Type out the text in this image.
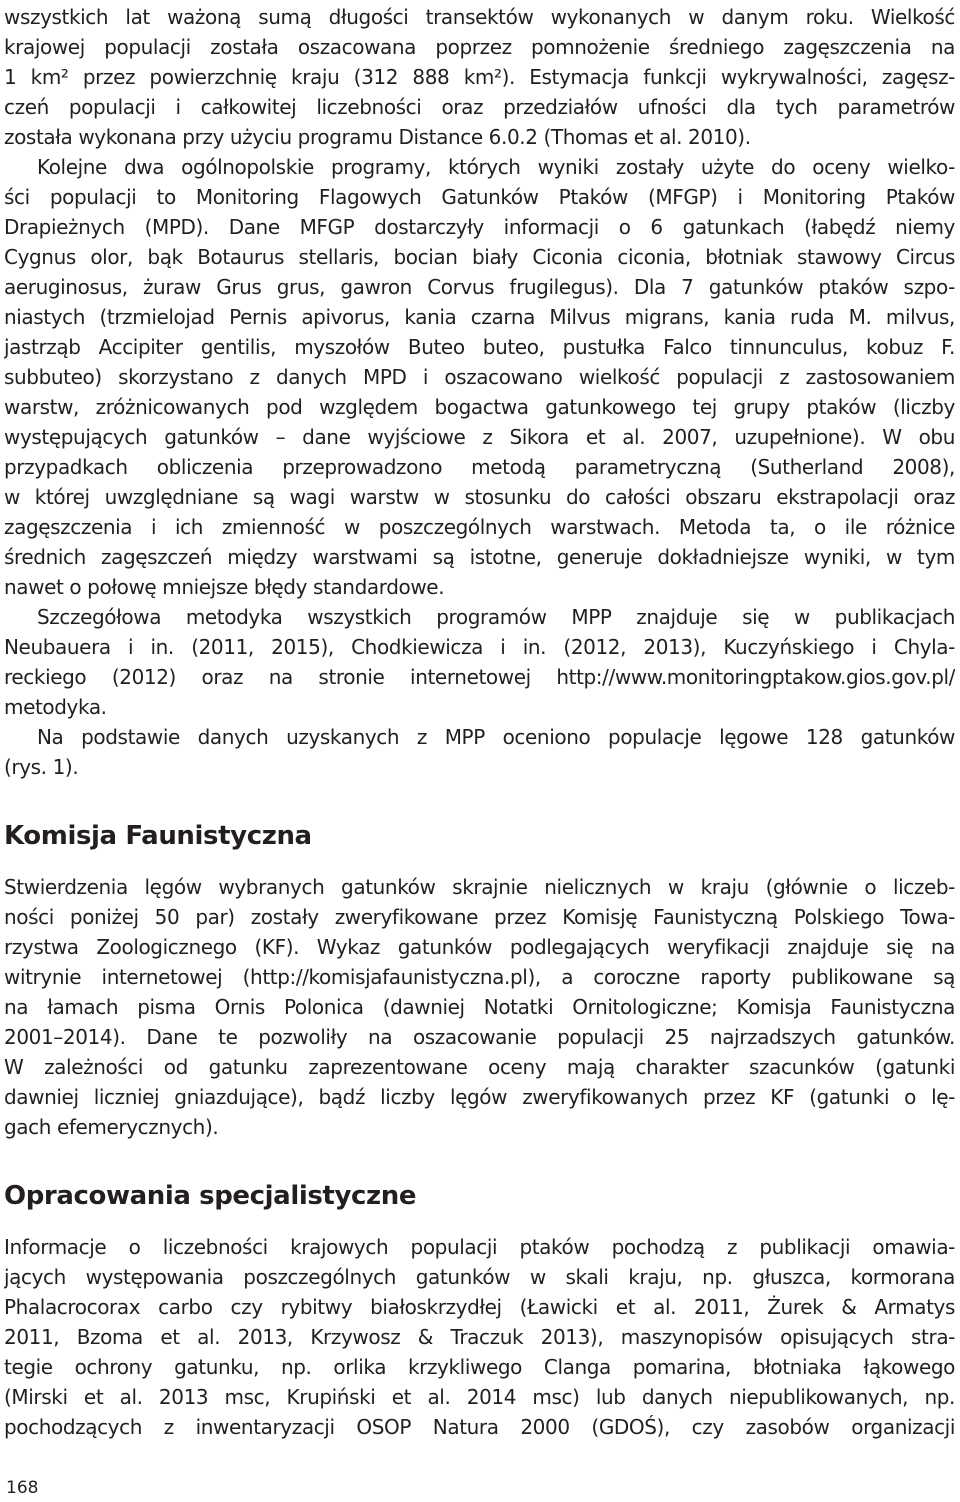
wszystkich lat ważoną sumą długości transektów wykonanych w danym roku. Wielkość
krajowej populacji została oszacowana poprzez pomnożenie średniego zagęszczenia na
1 km² przez powierzchnię kraju (312 888 km²). Estymacja funkcji wykrywalności, zagęsz-
czeń populacji i całkowitej liczebności oraz przedziałów ufności dla tych parametrów
została wykonana przy użyciu programu Distance 6.0.2 (Thomas et al. 2010).
Kolejne dwa ogólnopolskie programy, których wyniki zostały użyte do oceny wielko-
ści populacji to Monitoring Flagowych Gatunków Ptaków (MFGP) i Monitoring Ptaków
Drapieżnych (MPD). Dane MFGP dostarczyły informacji o 6 gatunkach (łabędź niemy
Cygnus olor, bąk Botaurus stellaris, bocian biały Ciconia ciconia, błotniak stawowy Circus
aeruginosus, żuraw Grus grus, gawron Corvus frugilegus). Dla 7 gatunków ptaków szpo-
niastych (trzmielojad Pernis apivorus, kania czarna Milvus migrans, kania ruda M. milvus,
jastrząb Accipiter gentilis, myszołów Buteo buteo, pustułka Falco tinnunculus, kobuz F.
subbuteo) skorzystano z danych MPD i oszacowano wielkość populacji z zastosowaniem
warstw, zróżnicowanych pod względem bogactwa gatunkowego tej grupy ptaków (liczby
występujących gatunków – dane wyjściowe z Sikora et al. 2007, uzupełnione). W obu
przypadkach obliczenia przeprowadzono metodą parametryczną (Sutherland 2008),
w której uwzględniane są wagi warstw w stosunku do całości obszaru ekstrapolacji oraz
zagęszczenia i ich zmienność w poszczególnych warstwach. Metoda ta, o ile różnice
średnich zagęszczeń między warstwami są istotne, generuje dokładniejsze wyniki, w tym
nawet o połowę mniejsze błędy standardowe.
Szczegółowa metodyka wszystkich programów MPP znajduje się w publikacjach
Neubauera i in. (2011, 2015), Chodkiewicza i in. (2012, 2013), Kuczyńskiego i Chyla-
reckiego (2012) oraz na stronie internetowej http://www.monitoringptakow.gios.gov.pl/
metodyka.
Na podstawie danych uzyskanych z MPP oceniono populacje lęgowe 128 gatunków
(rys. 1).
Komisja Faunistyczna
Stwierdzenia lęgów wybranych gatunków skrajnie nielicznych w kraju (głównie o liczeb-
ności poniżej 50 par) zostały zweryfikowane przez Komisję Faunistyczną Polskiego Towa-
rzystwa Zoologicznego (KF). Wykaz gatunków podlegających weryfikacji znajduje się na
witrynie internetowej (http://komisjafaunistyczna.pl), a coroczne raporty publikowane są
na łamach pisma Ornis Polonica (dawniej Notatki Ornitologiczne; Komisja Faunistyczna
2001–2014). Dane te pozwoliły na oszacowanie populacji 25 najrzadszych gatunków.
W zależności od gatunku zaprezentowane oceny mają charakter szacunków (gatunki
dawniej liczniej gniazdujące), bądź liczby lęgów zweryfikowanych przez KF (gatunki o lę-
gach efemerycznych).
Opracowania specjalistyczne
Informacje o liczebności krajowych populacji ptaków pochodzą z publikacji omawia-
jących występowania poszczególnych gatunków w skali kraju, np. głuszca, kormorana
Phalacrocorax carbo czy rybitwy białoskrzydłej (Ławicki et al. 2011, Żurek & Armatys
2011, Bzoma et al. 2013, Krzywosz & Traczuk 2013), maszynopisów opisujących stra-
tegie ochrony gatunku, np. orlika krzykliwego Clanga pomarina, błotniaka łąkowego
(Mirski et al. 2013 msc, Krupiński et al. 2014 msc) lub danych niepublikowanych, np.
pochodzących z inwentaryzacji OSOP Natura 2000 (GDOŚ), czy zasobów organizacji
168
